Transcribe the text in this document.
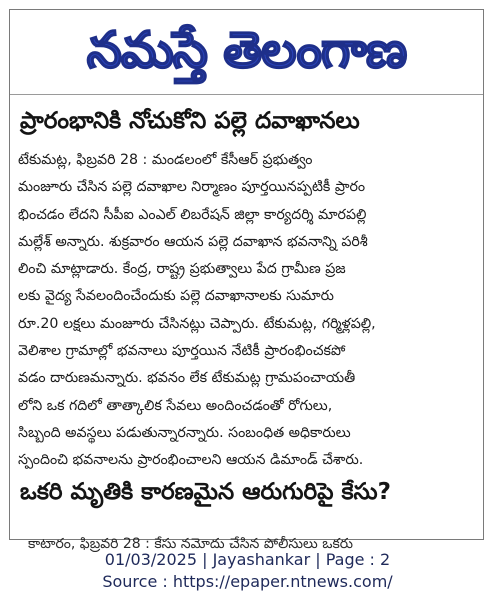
నమస్తే తెలంగాణ
ప్రారంభానికి నోచుకోని పల్లె దవాఖానలు
టేకుమట్ల, ఫిబ్రవరి 28 : మండలంలో కేసీఆర్ ప్రభుత్వం
మంజూరు చేసిన పల్లె దవాఖాల నిర్మాణం పూర్తయినప్పటికీ ప్రారం
భించడం లేదని సీపీఐ ఎంఎల్ లిబరేషన్ జిల్లా కార్యదర్శి మారపల్లి
మల్లేశ్ అన్నారు. శుక్రవారం ఆయన పల్లె దవాఖాన భవనాన్ని పరిశీ
లించి మాట్లాడారు. కేంద్ర, రాష్ట్ర ప్రభుత్వాలు పేద గ్రామీణ ప్రజ
లకు వైద్య సేవలందించేందుకు పల్లె దవాఖానాలకు సుమారు
రూ.20 లక్షలు మంజూరు చేసినట్లు చెప్పారు. టేకుమట్ల, గర్మిళ్లపల్లి,
వెలిశాల గ్రామాల్లో భవనాలు పూర్తయిన నేటికీ ప్రారంభించకపో
వడం దారుణమన్నారు. భవనం లేక టేకుమట్ల గ్రామపంచాయతీ
లోని ఒక గదిలో తాత్కాలిక సేవలు అందించడంతో రోగులు,
సిబ్బంది అవస్థలు పడుతున్నారన్నారు. సంబంధిత అధికారులు
స్పందించి భవనాలను ప్రారంభించాలని ఆయన డిమాండ్ చేశారు.
ఒకరి మృతికి కారణమైన ఆరుగురిపై కేసు?
కాటారం, ఫిబ్రవరి 28 : కేసు నమోదు చేసిన పోలీసులు ఒకరు
01/03/2025 | Jayashankar | Page : 2
Source : https://epaper.ntnews.com/
